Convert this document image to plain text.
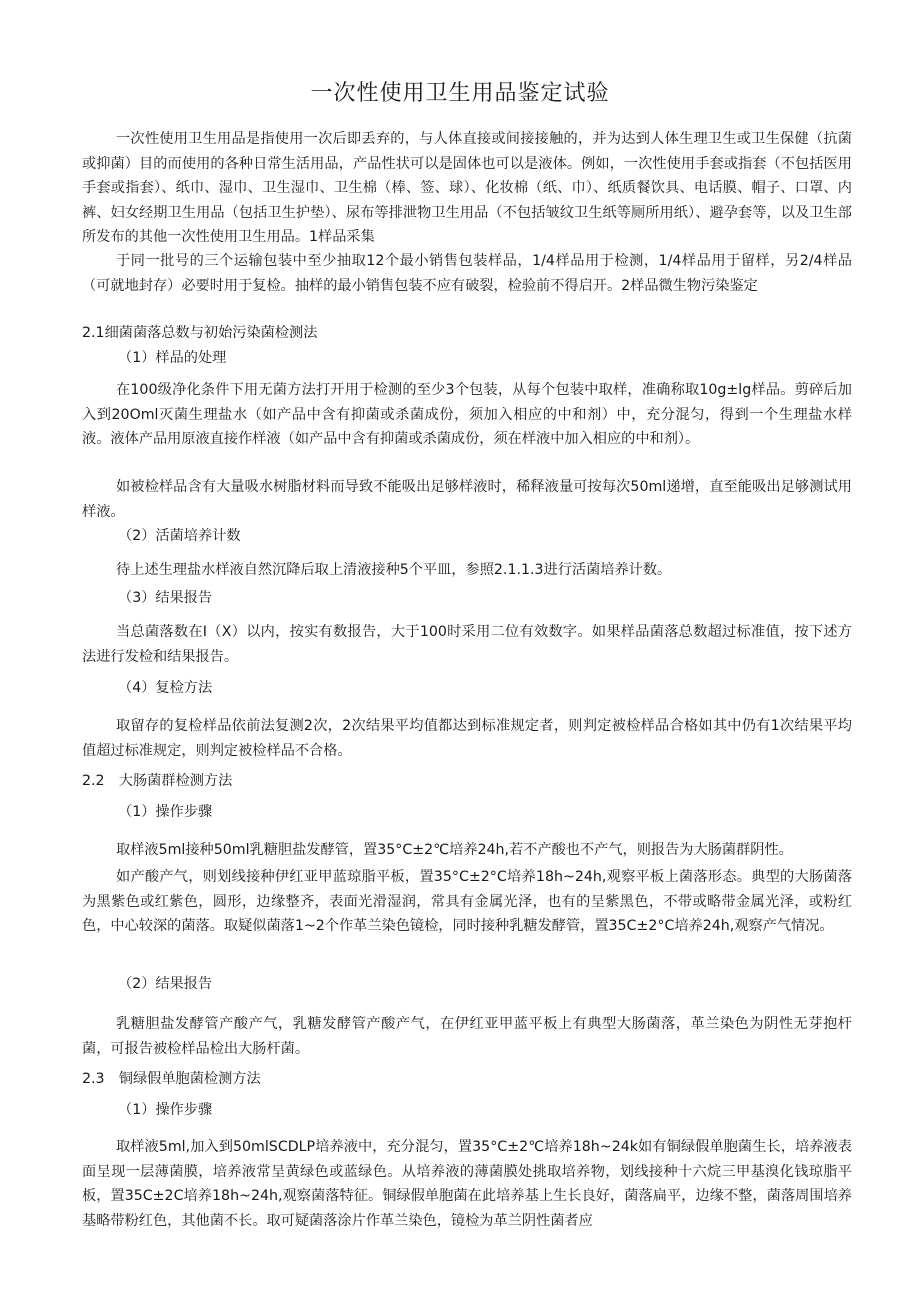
一次性使用卫生用品鉴定试验

一次性使用卫生用品是指使用一次后即丢弃的，与人体直接或间接接触的，并为达到人体生理卫生或卫生保健（抗菌或抑菌）目的而使用的各种日常生活用品，产品性状可以是固体也可以是液体。例如，一次性使用手套或指套（不包括医用手套或指套）、纸巾、湿巾、卫生湿巾、卫生棉（棒、签、球）、化妆棉（纸、巾）、纸质餐饮具、电话膜、帽子、口罩、内裤、妇女经期卫生用品（包括卫生护垫）、尿布等排泄物卫生用品（不包括皱纹卫生纸等厕所用纸）、避孕套等，以及卫生部所发布的其他一次性使用卫生用品。1样品采集

于同一批号的三个运输包装中至少抽取12个最小销售包装样品，1/4样品用于检测，1/4样品用于留样，另2/4样品（可就地封存）必要时用于复检。抽样的最小销售包装不应有破裂，检验前不得启开。2样品微生物污染鉴定

2.1细菌菌落总数与初始污染菌检测法

（1）样品的处理

在100级净化条件下用无菌方法打开用于检测的至少3个包装，从每个包装中取样，准确称取10g±lg样品。剪碎后加入到20Oml灭菌生理盐水（如产品中含有抑菌或杀菌成份，须加入相应的中和剂）中，充分混匀，得到一个生理盐水样液。液体产品用原液直接作样液（如产品中含有抑菌或杀菌成份，须在样液中加入相应的中和剂）。

如被检样品含有大量吸水树脂材料而导致不能吸出足够样液时，稀释液量可按每次50ml递增，直至能吸出足够测试用样液。

（2）活菌培养计数

待上述生理盐水样液自然沉降后取上清液接种5个平皿，参照2.1.1.3进行活菌培养计数。

（3）结果报告

当总菌落数在I（X）以内，按实有数报告，大于100时采用二位有效数字。如果样品菌落总数超过标准值，按下述方法进行发检和结果报告。

（4）复检方法

取留存的复检样品依前法复测2次，2次结果平均值都达到标准规定者，则判定被检样品合格如其中仍有1次结果平均值超过标准规定，则判定被检样品不合格。

2.2　大肠菌群检测方法

（1）操作步骤

取样液5ml接种50ml乳糖胆盐发酵管，置35°C±2℃培养24h,若不产酸也不产气，则报告为大肠菌群阴性。

如产酸产气，则划线接种伊红亚甲蓝琼脂平板，置35°C±2°C培养18h~24h,观察平板上菌落形态。典型的大肠菌落为黑紫色或红紫色，圆形，边缘整齐，表面光滑湿润，常具有金属光泽，也有的呈紫黑色，不带或略带金属光泽，或粉红色，中心较深的菌落。取疑似菌落1~2个作革兰染色镜检，同时接种乳糖发酵管，置35C±2°C培养24h,观察产气情况。

（2）结果报告

乳糖胆盐发酵管产酸产气，乳糖发酵管产酸产气，在伊红亚甲蓝平板上有典型大肠菌落，革兰染色为阴性无芽抱杆菌，可报告被检样品检出大肠杆菌。

2.3　铜绿假单胞菌检测方法

（1）操作步骤

取样液5ml,加入到50mlSCDLP培养液中，充分混匀，置35°C±2℃培养18h~24k如有铜绿假单胞菌生长，培养液表面呈现一层薄菌膜，培养液常呈黄绿色或蓝绿色。从培养液的薄菌膜处挑取培养物，划线接种十六烷三甲基溴化钱琼脂平板，置35C±2C培养18h~24h,观察菌落特征。铜绿假单胞菌在此培养基上生长良好，菌落扁平，边缘不整，菌落周围培养基略带粉红色，其他菌不长。取可疑菌落涂片作革兰染色，镜检为革兰阴性菌者应
